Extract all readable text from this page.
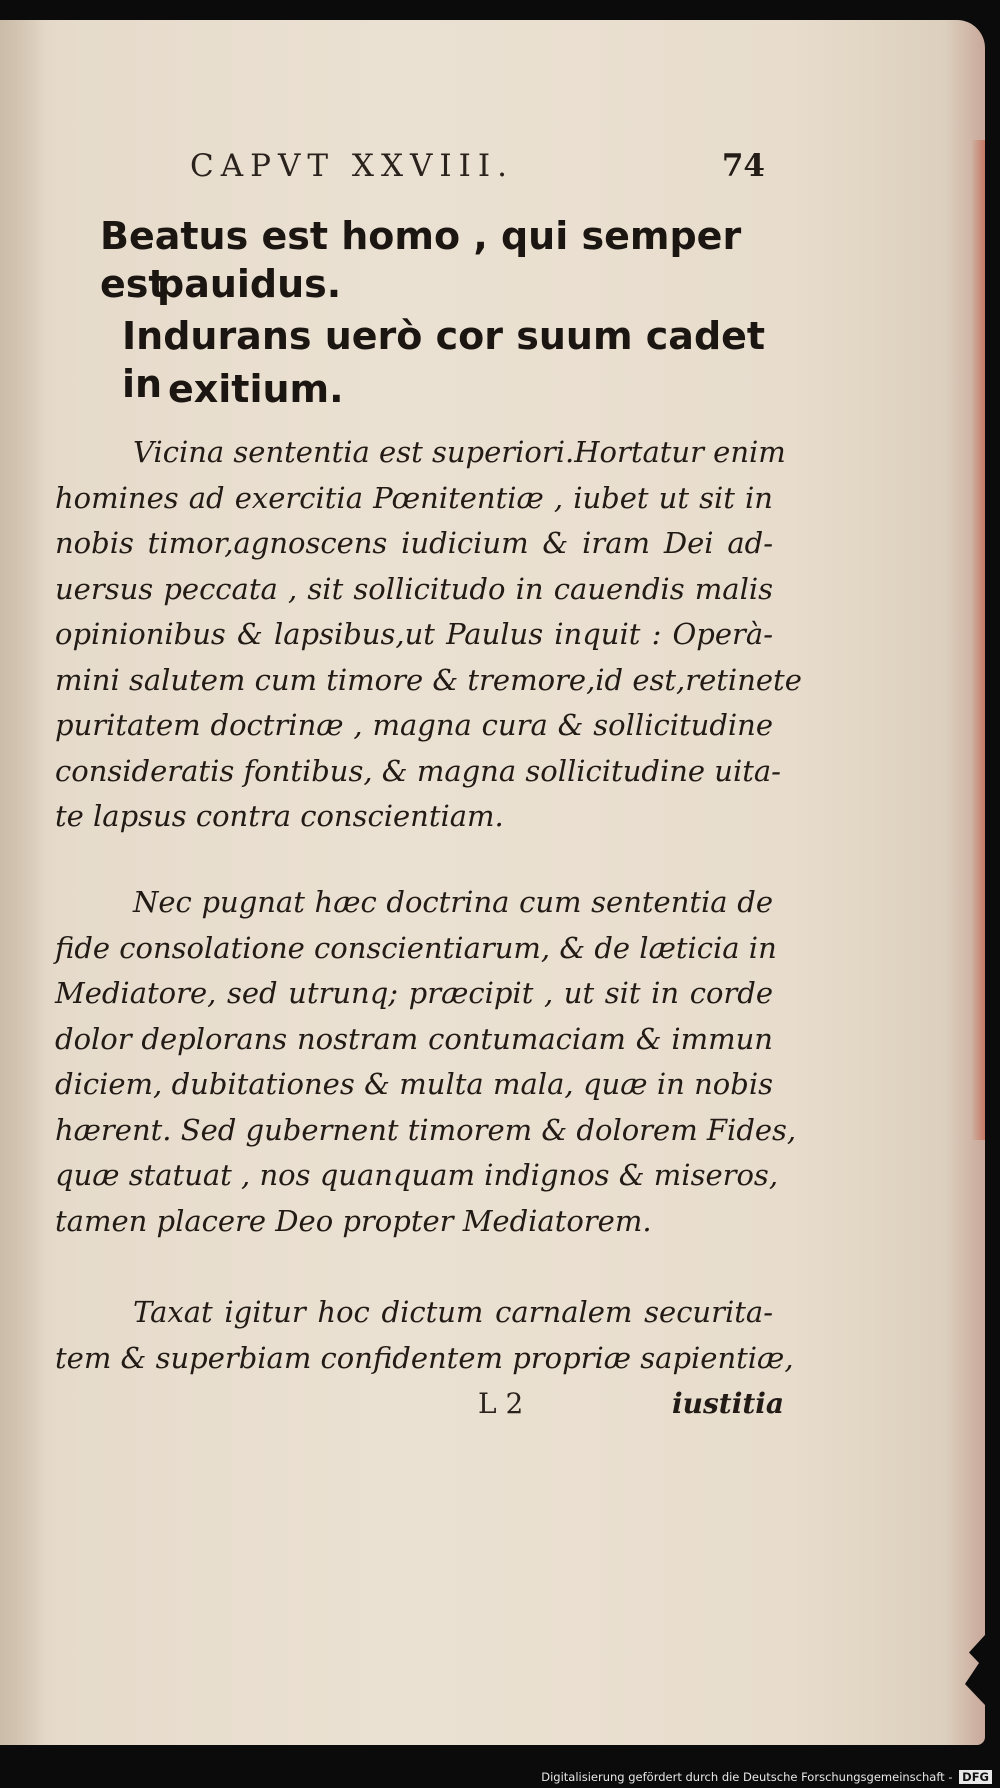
CAPVT XXVIII.	74
Beatus est homo , qui semper est
pauidus.
Indurans uerò cor suum cadet in exitium.
Vicina sententia est superiori.Hortatur enim
homines ad exercitia Pœnitentiæ , iubet ut sit in
nobis timor,agnoscens iudicium & iram Dei ad-
uersus peccata , sit sollicitudo in cauendis malis
opinionibus & lapsibus,ut Paulus inquit : Operà-
mini salutem cum timore & tremore,id est,retinete
puritatem doctrinæ , magna cura & sollicitudine
consideratis fontibus, & magna sollicitudine uita-
te lapsus contra conscientiam.
Nec pugnat hæc doctrina cum sententia de
fide consolatione conscientiarum, & de læticia in
Mediatore, sed utrunq; præcipit , ut sit in corde
dolor deplorans nostram contumaciam & immun
diciem, dubitationes & multa mala, quæ in nobis
hærent. Sed gubernent timorem & dolorem Fides,
quæ statuat , nos quanquam indignos & miseros,
tamen placere Deo propter Mediatorem.
Taxat igitur hoc dictum carnalem securita-
tem & superbiam confidentem propriæ sapientiæ,
L 2	iustitia
Digitalisierung gefördert durch die Deutsche Forschungsgemeinschaft - DFG
